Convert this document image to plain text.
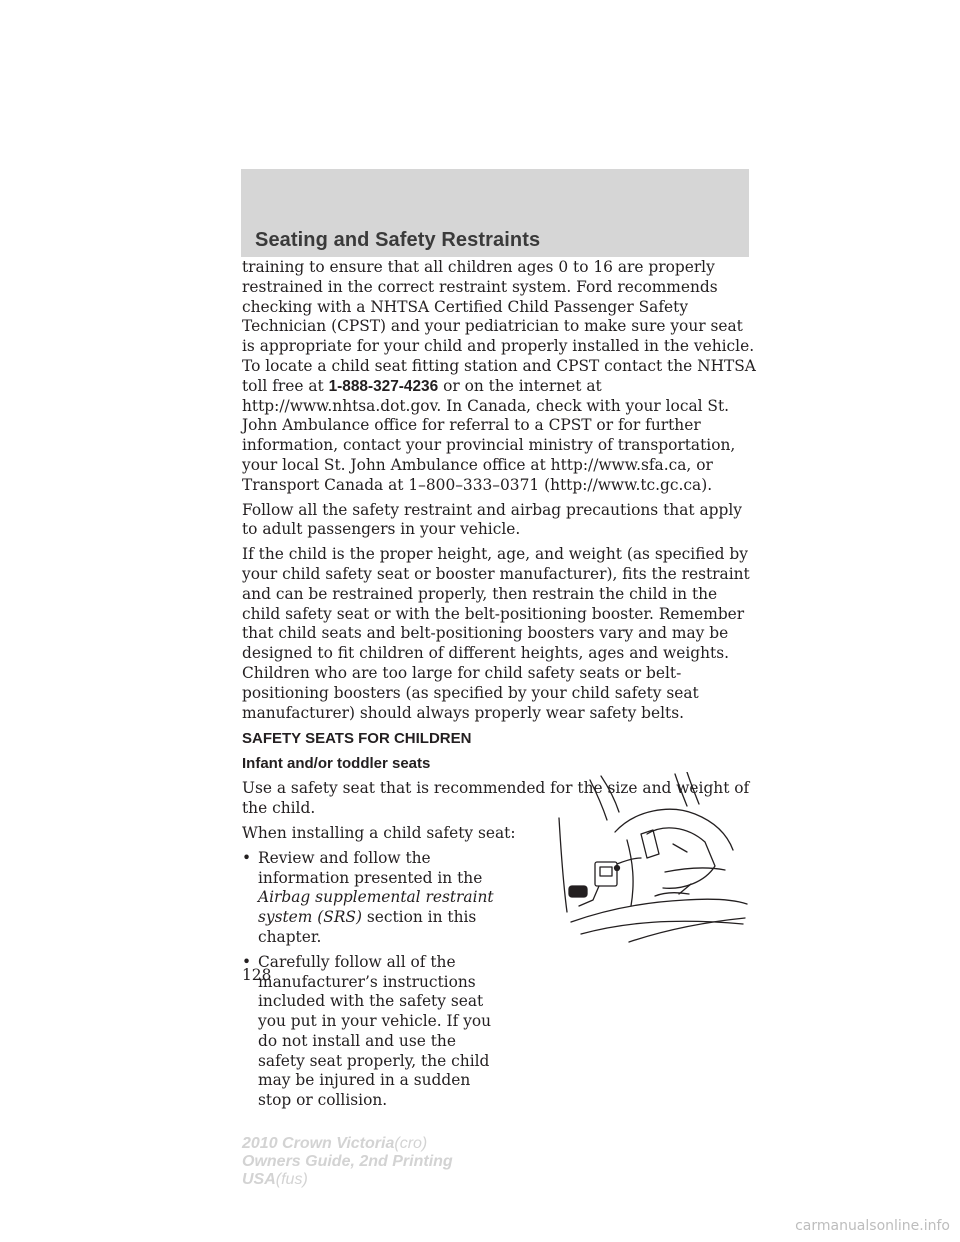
Seating and Safety Restraints

training to ensure that all children ages 0 to 16 are properly restrained in the correct restraint system. Ford recommends checking with a NHTSA Certified Child Passenger Safety Technician (CPST) and your pediatrician to make sure your seat is appropriate for your child and properly installed in the vehicle. To locate a child seat fitting station and CPST contact the NHTSA toll free at 1-888-327-4236 or on the internet at http://www.nhtsa.dot.gov. In Canada, check with your local St. John Ambulance office for referral to a CPST or for further information, contact your provincial ministry of transportation, your local St. John Ambulance office at http://www.sfa.ca, or Transport Canada at 1–800–333–0371 (http://www.tc.gc.ca).

Follow all the safety restraint and airbag precautions that apply to adult passengers in your vehicle.

If the child is the proper height, age, and weight (as specified by your child safety seat or booster manufacturer), fits the restraint and can be restrained properly, then restrain the child in the child safety seat or with the belt-positioning booster. Remember that child seats and belt-positioning boosters vary and may be designed to fit children of different heights, ages and weights. Children who are too large for child safety seats or belt-positioning boosters (as specified by your child safety seat manufacturer) should always properly wear safety belts.

SAFETY SEATS FOR CHILDREN
Infant and/or toddler seats

Use a safety seat that is recommended for the size and weight of the child.

When installing a child safety seat:

• Review and follow the information presented in the Airbag supplemental restraint system (SRS) section in this chapter.
• Carefully follow all of the manufacturer’s instructions included with the safety seat you put in your vehicle. If you do not install and use the safety seat properly, the child may be injured in a sudden stop or collision.
128
2010 Crown Victoria(cro)
Owners Guide, 2nd Printing
USA(fus)
carmanualsonline.info
